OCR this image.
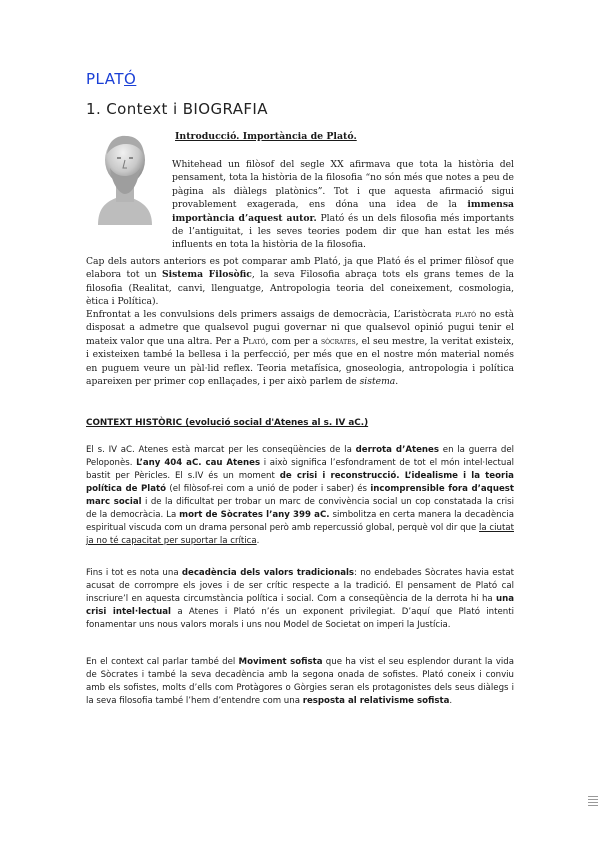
PLATÓ
1. Context i BIOGRAFIA
Introducció. Importància de Plató.
Whitehead un filòsof del segle XX afirmava que tota la història del pensament, tota la història de la filosofia “no són més que notes a peu de pàgina als diàlegs platònics”. Tot i que aquesta afirmació sigui provablement exagerada, ens dóna una idea de la immensa importància d’aquest autor. Plató és un dels filosofia més importants de l’antiguitat, i les seves teories podem dir que han estat les més influents en tota la història de la filosofia.
Cap dels autors anteriors es pot comparar amb Plató, ja que Plató és el primer filòsof que elabora tot un Sistema Filosòfic, la seva Filosofia abraça tots els grans temes de la filosofia (Realitat, canvi, llenguatge, Antropologia teoria del coneixement, cosmologia, ètica i Política).
Enfrontat a les convulsions dels primers assaigs de democràcia, L’aristòcrata plató no està disposat a admetre que qualsevol pugui governar ni que qualsevol opinió pugui tenir el mateix valor que una altra. Per a Plató, com per a sòcrates, el seu mestre, la veritat existeix, i existeixen també la bellesa i la perfecció, per més que en el nostre món material només en puguem veure un pàl·lid reflex. Teoria metafísica, gnoseologia, antropologia i política apareixen per primer cop enllaçades, i per això parlem de sistema.
CONTEXT HISTÒRIC (evolució social d'Atenes al s. IV aC.)
El s. IV aC. Atenes està marcat per les conseqüències de la derrota d’Atenes en la guerra del Peloponès. L’any 404 aC. cau Atenes i això significa l’esfondrament de tot el món intel·lectual bastit per Pèricles. El s.IV és un moment de crisi i reconstrucció. L’idealisme i la teoria política de Plató (el filòsof-rei com a unió de poder i saber) és incomprensible fora d’aquest marc social i de la dificultat per trobar un marc de convivència social un cop constatada la crisi de la democràcia. La mort de Sòcrates l’any 399 aC. simbolitza en certa manera la decadència espiritual viscuda com un drama personal però amb repercussió global, perquè vol dir que la ciutat ja no té capacitat per suportar la crítica.
Fins i tot es nota una decadència dels valors tradicionals: no endebades Sòcrates havia estat acusat de corrompre els joves i de ser crític respecte a la tradició. El pensament de Plató cal inscriure’l en aquesta circumstància política i social. Com a conseqüència de la derrota hi ha una crisi intel·lectual a Atenes i Plató n’és un exponent privilegiat. D’aquí que Plató intenti fonamentar uns nous valors morals i uns nou Model de Societat on imperi la Justícia.
En el context cal parlar també del Moviment sofista que ha vist el seu esplendor durant la vida de Sòcrates i també la seva decadència amb la segona onada de sofistes. Plató coneix i conviu amb els sofistes, molts d’ells com Protàgores o Gòrgies seran els protagonistes dels seus diàlegs i la seva filosofia també l’hem d’entendre com una resposta al relativisme sofista.
